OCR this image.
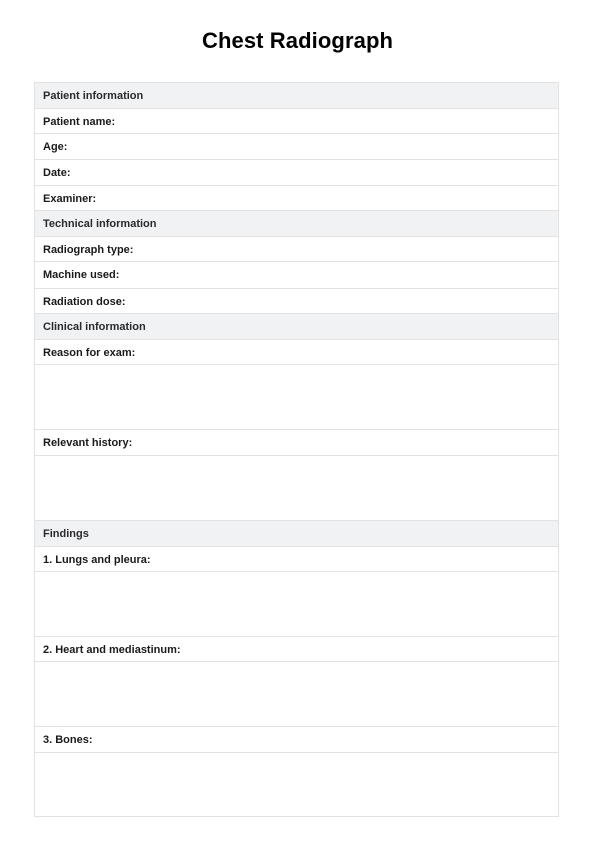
Chest Radiograph
Patient information
Patient name:
Age:
Date:
Examiner:
Technical information
Radiograph type:
Machine used:
Radiation dose:
Clinical information
Reason for exam:
Relevant history:
Findings
1. Lungs and pleura:
2. Heart and mediastinum:
3. Bones:
